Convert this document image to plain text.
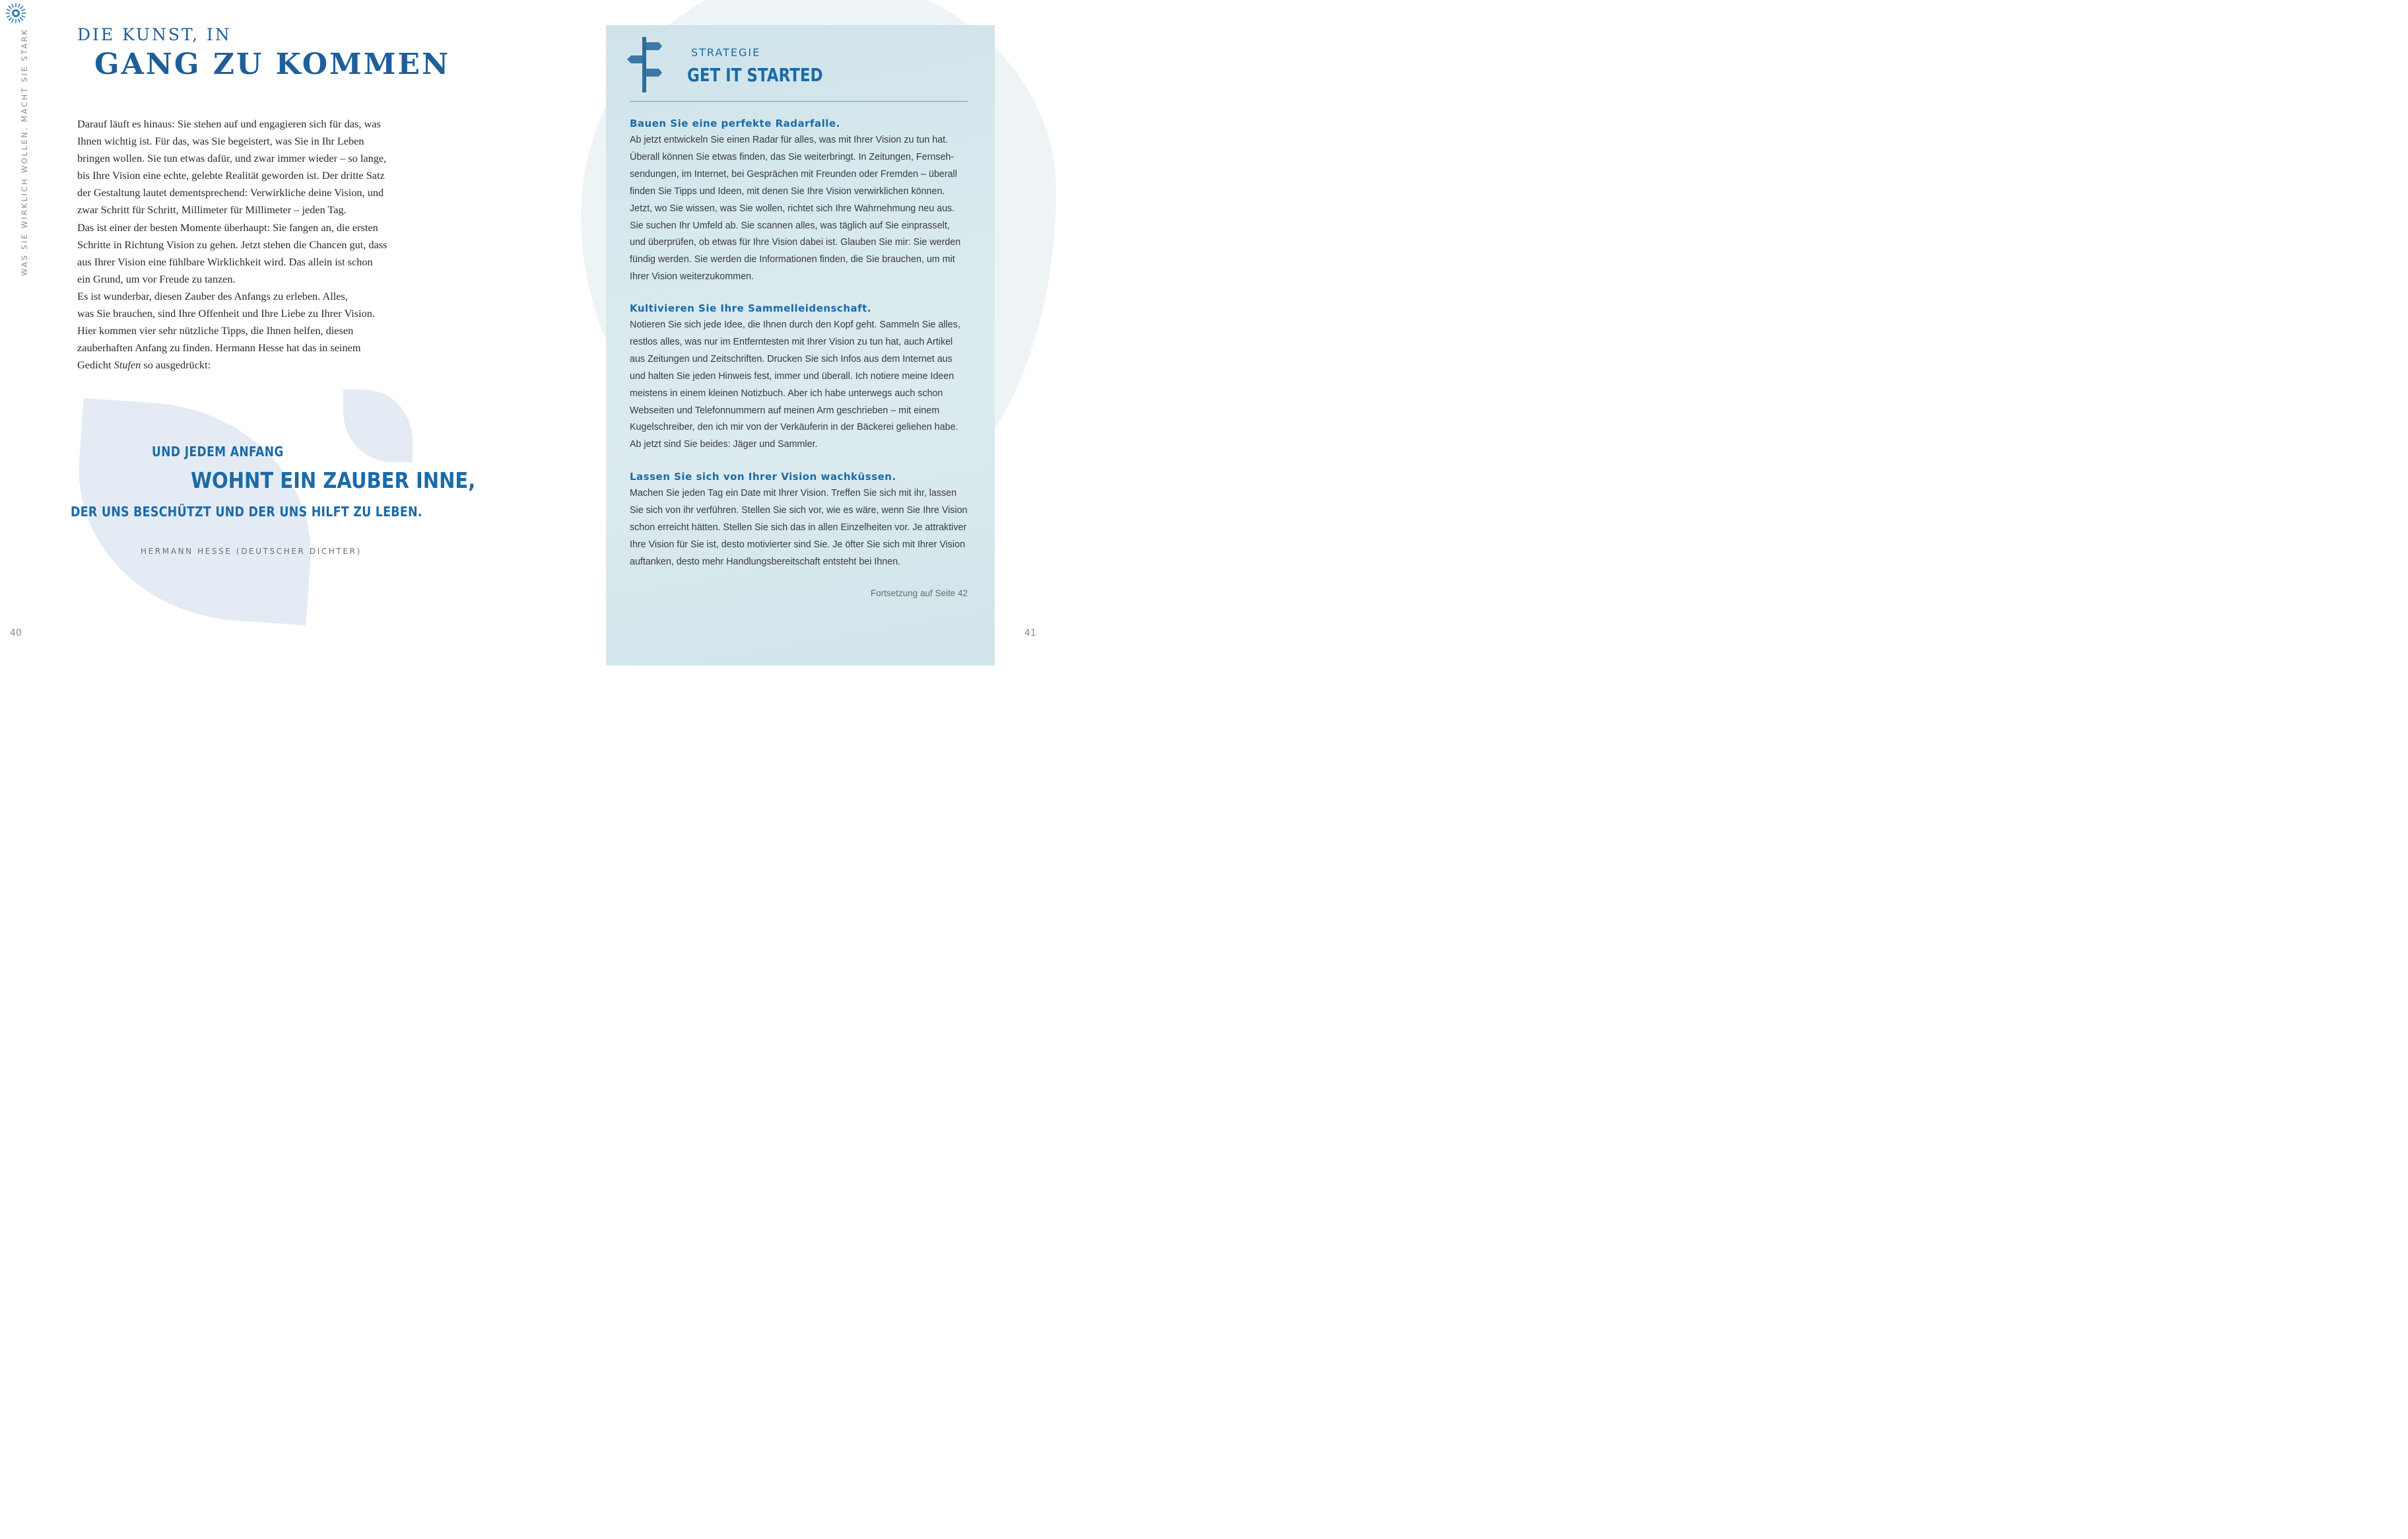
WAS SIE WIRKLICH WOLLEN, MACHT SIE STARK	DIE KUNST, IN
GANG ZU KOMMEN

Darauf läuft es hinaus: Sie stehen auf und engagieren sich für das, was

Ihnen wichtig ist. Für das, was Sie begeistert, was Sie in Ihr Leben

bringen wollen. Sie tun etwas dafür, und zwar immer wieder – so lange,

bis Ihre Vision eine echte, gelebte Realität geworden ist. Der dritte Satz

der Gestaltung lautet dementsprechend: Verwirkliche deine Vision, und

zwar Schritt für Schritt, Millimeter für Millimeter – jeden Tag.

Das ist einer der besten Momente überhaupt: Sie fangen an, die ersten

Schritte in Richtung Vision zu gehen. Jetzt stehen die Chancen gut, dass

aus Ihrer Vision eine fühlbare Wirklichkeit wird. Das allein ist schon

ein Grund, um vor Freude zu tanzen.

Es ist wunderbar, diesen Zauber des Anfangs zu erleben. Alles,

was Sie brauchen, sind Ihre Offenheit und Ihre Liebe zu Ihrer Vision.

Hier kommen vier sehr nützliche Tipps, die Ihnen helfen, diesen

zauberhaften Anfang zu finden. Hermann Hesse hat das in seinem

Gedicht Stufen so ausgedrückt:

UND JEDEM ANFANG
WOHNT EIN ZAUBER INNE,
DER UNS BESCHÜTZT UND DER UNS HILFT ZU LEBEN.
HERMANN HESSE (DEUTSCHER DICHTER)
40
STRATEGIE
GET IT STARTED
Bauen Sie eine perfekte Radarfalle.
Ab jetzt entwickeln Sie einen Radar für alles, was mit Ihrer Vision zu tun hat.
Überall können Sie etwas finden, das Sie weiterbringt. In Zeitungen, Fernseh-
sendungen, im Internet, bei Gesprächen mit Freunden oder Fremden – überall
finden Sie Tipps und Ideen, mit denen Sie Ihre Vision verwirklichen können.
Jetzt, wo Sie wissen, was Sie wollen, richtet sich Ihre Wahrnehmung neu aus.
Sie suchen Ihr Umfeld ab. Sie scannen alles, was täglich auf Sie einprasselt,
und überprüfen, ob etwas für Ihre Vision dabei ist. Glauben Sie mir: Sie werden
fündig werden. Sie werden die Informationen finden, die Sie brauchen, um mit
Ihrer Vision weiterzukommen.
Kultivieren Sie Ihre Sammelleidenschaft.
Notieren Sie sich jede Idee, die Ihnen durch den Kopf geht. Sammeln Sie alles,
restlos alles, was nur im Entferntesten mit Ihrer Vision zu tun hat, auch Artikel
aus Zeitungen und Zeitschriften. Drucken Sie sich Infos aus dem Internet aus
und halten Sie jeden Hinweis fest, immer und überall. Ich notiere meine Ideen
meistens in einem kleinen Notizbuch. Aber ich habe unterwegs auch schon
Webseiten und Telefonnummern auf meinen Arm geschrieben – mit einem
Kugelschreiber, den ich mir von der Verkäuferin in der Bäckerei geliehen habe.
Ab jetzt sind Sie beides: Jäger und Sammler.
Lassen Sie sich von Ihrer Vision wachküssen.
Machen Sie jeden Tag ein Date mit Ihrer Vision. Treffen Sie sich mit ihr, lassen
Sie sich von ihr verführen. Stellen Sie sich vor, wie es wäre, wenn Sie Ihre Vision
schon erreicht hätten. Stellen Sie sich das in allen Einzelheiten vor. Je attraktiver
Ihre Vision für Sie ist, desto motivierter sind Sie. Je öfter Sie sich mit Ihrer Vision
auftanken, desto mehr Handlungsbereitschaft entsteht bei Ihnen.
Fortsetzung auf Seite 42
41
